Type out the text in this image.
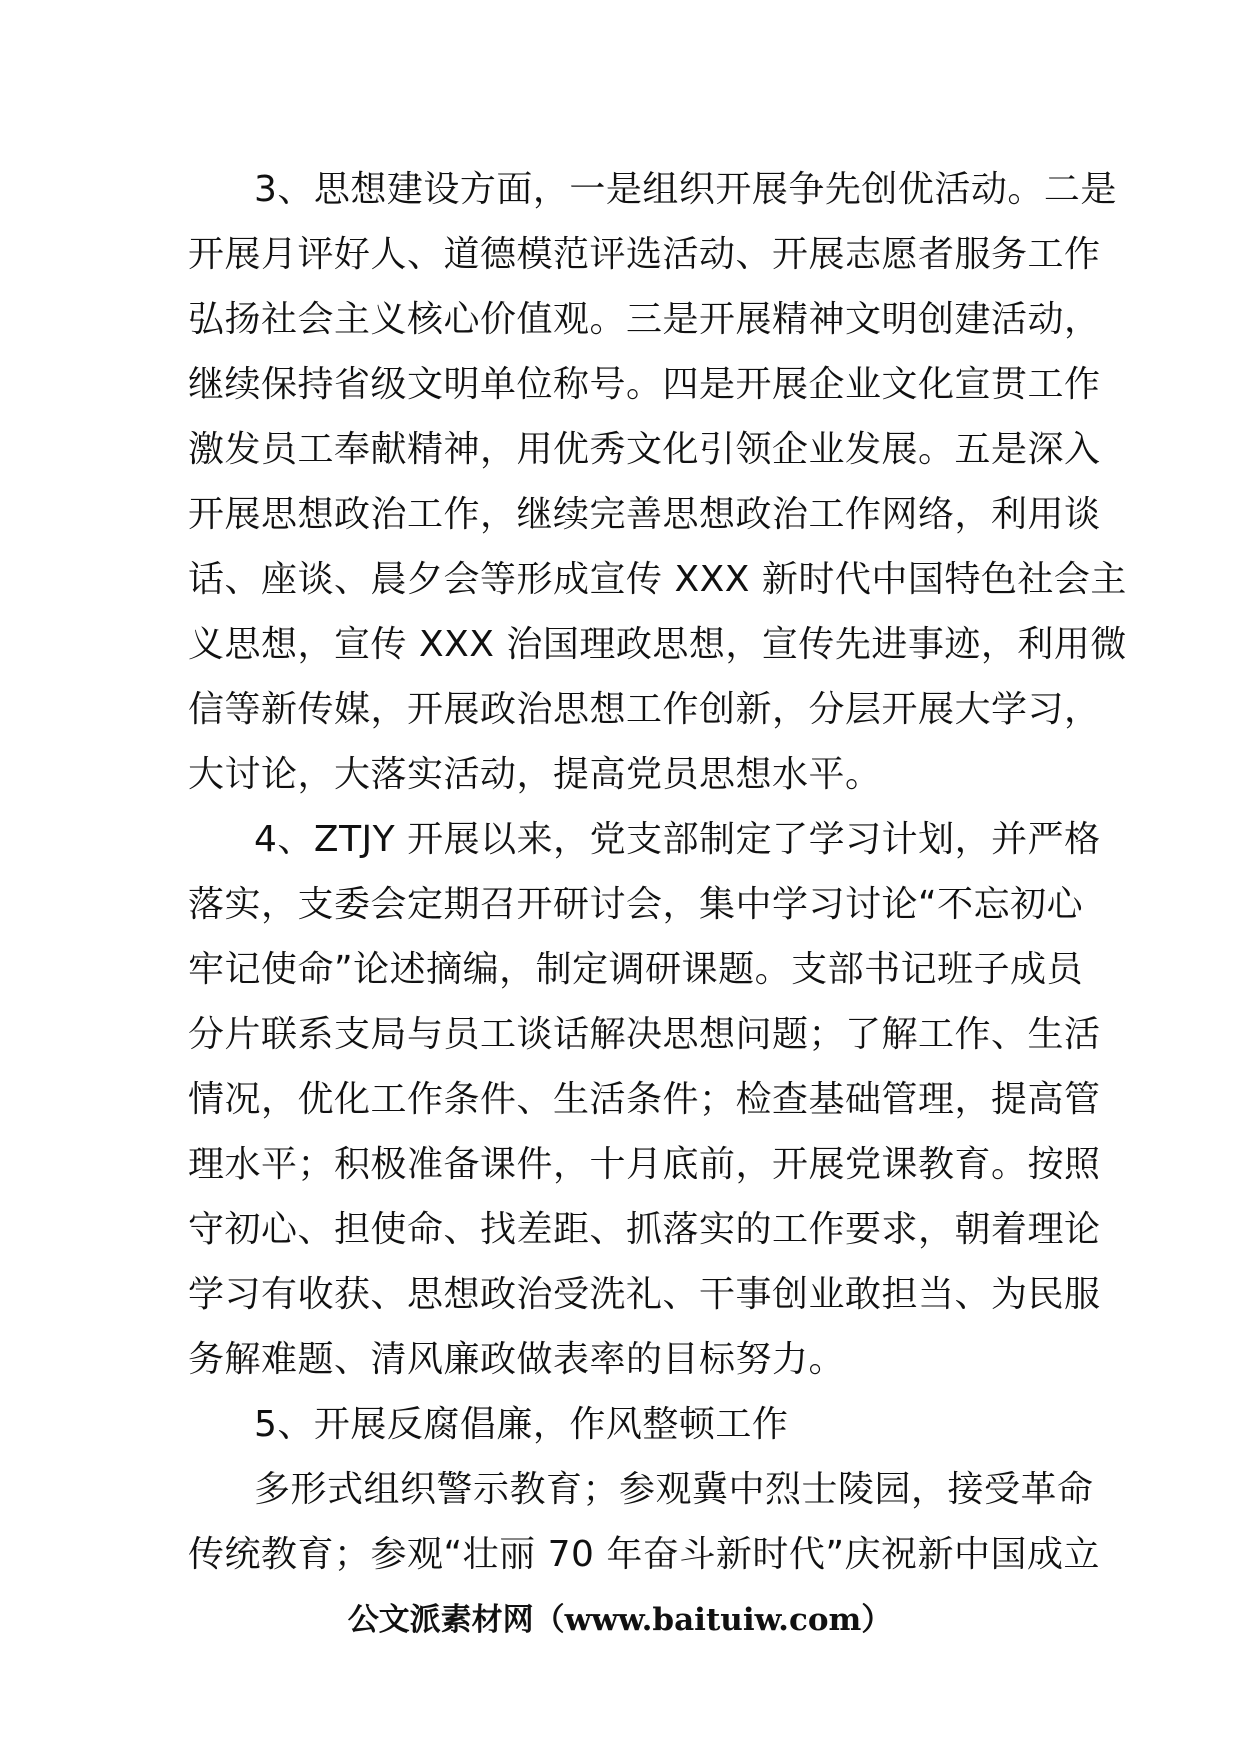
3、思想建设方面，一是组织开展争先创优活动。二是
开展月评好人、道德模范评选活动、开展志愿者服务工作
弘扬社会主义核心价值观。三是开展精神文明创建活动，
继续保持省级文明单位称号。四是开展企业文化宣贯工作
激发员工奉献精神，用优秀文化引领企业发展。五是深入
开展思想政治工作，继续完善思想政治工作网络，利用谈
话、座谈、晨夕会等形成宣传 XXX 新时代中国特色社会主
义思想，宣传 XXX 治国理政思想，宣传先进事迹，利用微
信等新传媒，开展政治思想工作创新，分层开展大学习，
大讨论，大落实活动，提高党员思想水平。
4、ZTJY 开展以来，党支部制定了学习计划，并严格
落实，支委会定期召开研讨会，集中学习讨论“不忘初心
牢记使命”论述摘编，制定调研课题。支部书记班子成员
分片联系支局与员工谈话解决思想问题；了解工作、生活
情况，优化工作条件、生活条件；检查基础管理，提高管
理水平；积极准备课件，十月底前，开展党课教育。按照
守初心、担使命、找差距、抓落实的工作要求，朝着理论
学习有收获、思想政治受洗礼、干事创业敢担当、为民服
务解难题、清风廉政做表率的目标努力。
5、开展反腐倡廉，作风整顿工作
多形式组织警示教育；参观冀中烈士陵园，接受革命
传统教育；参观“壮丽 70 年奋斗新时代”庆祝新中国成立
公文派素材网（www.baituiw.com）
